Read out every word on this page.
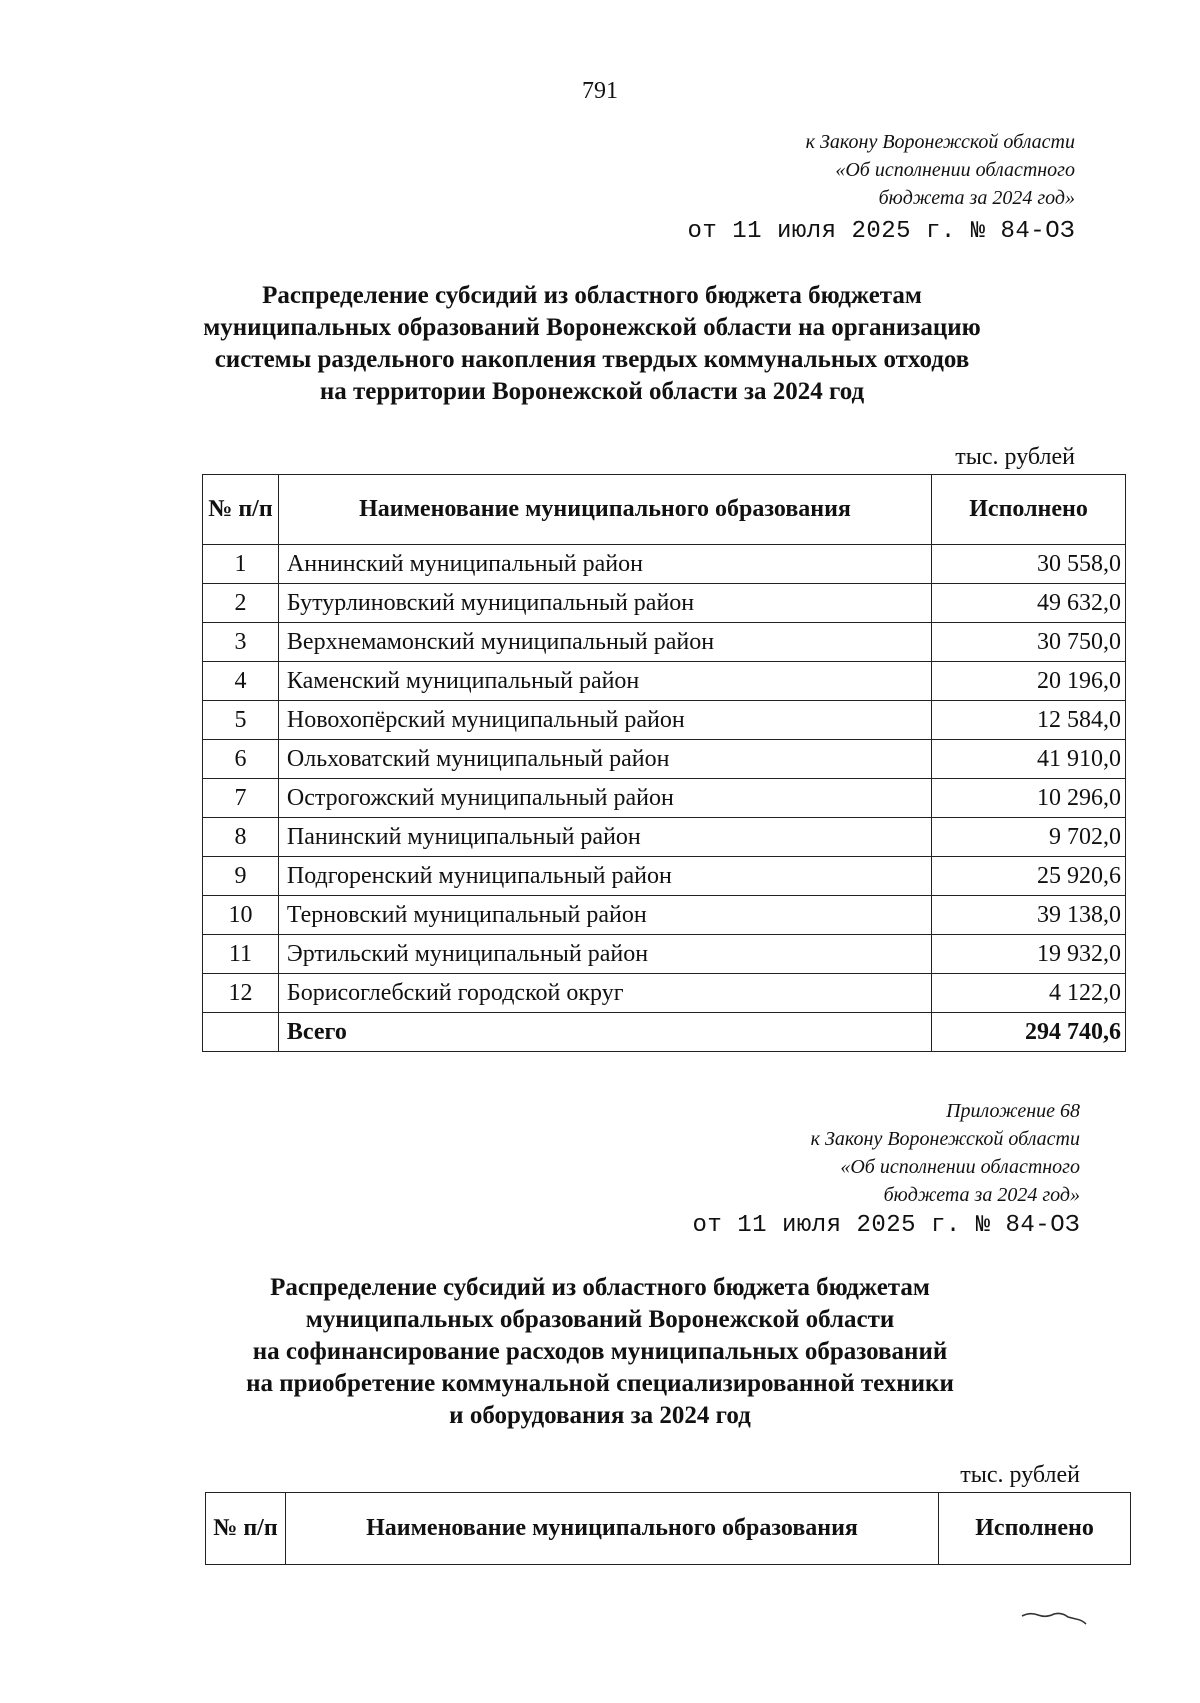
791
к Закону Воронежской области
«Об исполнении областного
бюджета за 2024 год»
от 11 июля 2025 г. № 84-ОЗ
Распределение субсидий из областного бюджета бюджетам
муниципальных образований Воронежской области на организацию
системы раздельного накопления твердых коммунальных отходов
на территории Воронежской области за 2024 год
тыс. рублей
№ п/п	Наименование муниципального образования	Исполнено
1	Аннинский муниципальный район	30 558,0
2	Бутурлиновский муниципальный район	49 632,0
3	Верхнемамонский муниципальный район	30 750,0
4	Каменский муниципальный район	20 196,0
5	Новохопёрский муниципальный район	12 584,0
6	Ольховатский муниципальный район	41 910,0
7	Острогожский муниципальный район	10 296,0
8	Панинский муниципальный район	9 702,0
9	Подгоренский муниципальный район	25 920,6
10	Терновский муниципальный район	39 138,0
11	Эртильский муниципальный район	19 932,0
12	Борисоглебский городской округ	4 122,0
	Всего	294 740,6
Приложение 68
к Закону Воронежской области
«Об исполнении областного
бюджета за 2024 год»
от 11 июля 2025 г. № 84-ОЗ
Распределение субсидий из областного бюджета бюджетам
муниципальных образований Воронежской области
на софинансирование расходов муниципальных образований
на приобретение коммунальной специализированной техники
и оборудования за 2024 год
тыс. рублей
№ п/п	Наименование муниципального образования	Исполнено
